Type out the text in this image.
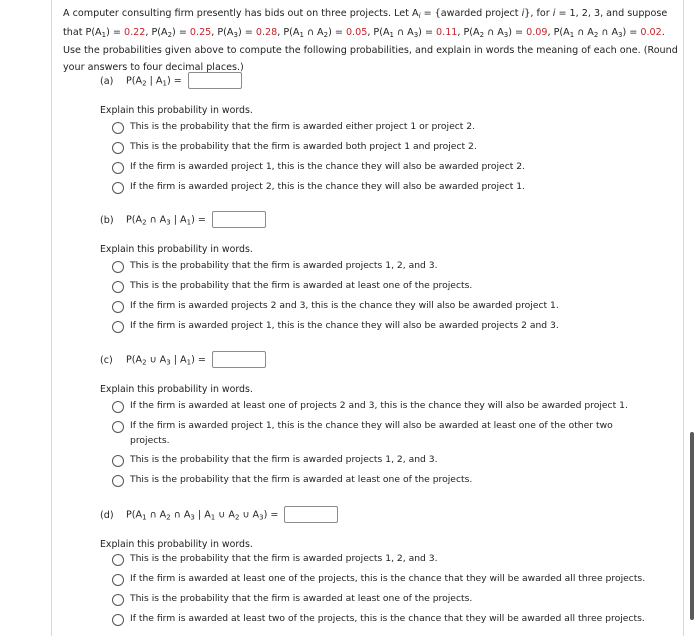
A computer consulting firm presently has bids out on three projects. Let $A_i$ = {awarded project i}, for i = 1, 2, 3, and suppose

that $P(A_1) = 0.22$, $P(A_2) = 0.25$, $P(A_3) = 0.28$, $P(A_1$ ∩ $A_2) = 0.05$, $P(A_1$ ∩ $A_3) = 0.11$, $P(A_2$ ∩ $A_3) = 0.09$, $P(A_1$ ∩ $A_2$ ∩ $A_3) = 0.02$.

Use the probabilities given above to compute the following probabilities, and explain in words the meaning of each one. (Round

your answers to four decimal places.)

(a) $P(A_2$ | $A_1$) =
Explain this probability in words.
This is the probability that the firm is awarded either project 1 or project 2.
This is the probability that the firm is awarded both project 1 and project 2.
If the firm is awarded project 1, this is the chance they will also be awarded project 2.
If the firm is awarded project 2, this is the chance they will also be awarded project 1.
(b) $P(A_2$ ∩ $A_3$ | $A_1$) =
Explain this probability in words.
This is the probability that the firm is awarded projects 1, 2, and 3.
This is the probability that the firm is awarded at least one of the projects.
If the firm is awarded projects 2 and 3, this is the chance they will also be awarded project 1.
If the firm is awarded project 1, this is the chance they will also be awarded projects 2 and 3.
(c) $P(A_2$ ∪ $A_3$ | $A_1$) =
Explain this probability in words.
If the firm is awarded at least one of projects 2 and 3, this is the chance they will also be awarded project 1.
If the firm is awarded project 1, this is the chance they will also be awarded at least one of the other two
projects.
This is the probability that the firm is awarded projects 1, 2, and 3.
This is the probability that the firm is awarded at least one of the projects.
(d) $P(A_1$ ∩ $A_2$ ∩ $A_3$ | $A_1$ ∪ $A_2$ ∪ $A_3$) =
Explain this probability in words.
This is the probability that the firm is awarded projects 1, 2, and 3.
If the firm is awarded at least one of the projects, this is the chance that they will be awarded all three projects.
This is the probability that the firm is awarded at least one of the projects.
If the firm is awarded at least two of the projects, this is the chance that they will be awarded all three projects.
